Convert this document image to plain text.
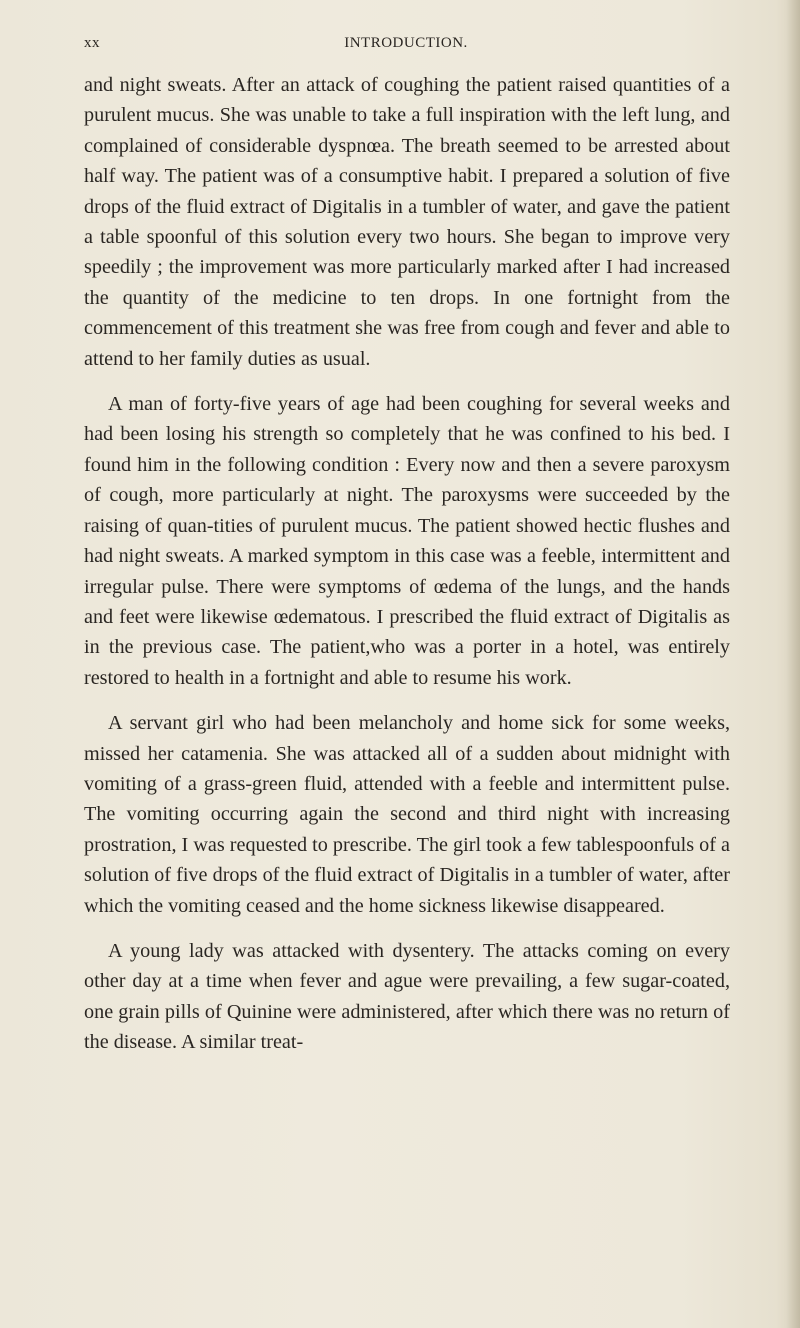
xx	INTRODUCTION.

and night sweats. After an attack of coughing the patient raised quantities of a purulent mucus. She was unable to take a full inspiration with the left lung, and complained of considerable dyspnœa. The breath seemed to be arrested about half way. The patient was of a consumptive habit. I prepared a solution of five drops of the fluid extract of Digitalis in a tumbler of water, and gave the patient a table spoonful of this solution every two hours. She began to improve very speedily ; the improvement was more particularly marked after I had increased the quantity of the medicine to ten drops. In one fortnight from the commencement of this treatment she was free from cough and fever and able to attend to her family duties as usual.

A man of forty-five years of age had been coughing for several weeks and had been losing his strength so completely that he was confined to his bed. I found him in the following condition : Every now and then a severe paroxysm of cough, more particularly at night. The paroxysms were succeeded by the raising of quan-tities of purulent mucus. The patient showed hectic flushes and had night sweats. A marked symptom in this case was a feeble, intermittent and irregular pulse. There were symptoms of œdema of the lungs, and the hands and feet were likewise œdematous. I prescribed the fluid extract of Digitalis as in the previous case. The patient,who was a porter in a hotel, was entirely restored to health in a fortnight and able to resume his work.

A servant girl who had been melancholy and home sick for some weeks, missed her catamenia. She was attacked all of a sudden about midnight with vomiting of a grass-green fluid, attended with a feeble and intermittent pulse. The vomiting occurring again the second and third night with increasing prostration, I was requested to prescribe. The girl took a few tablespoonfuls of a solution of five drops of the fluid extract of Digitalis in a tumbler of water, after which the vomiting ceased and the home sickness likewise disappeared.

A young lady was attacked with dysentery. The attacks coming on every other day at a time when fever and ague were prevailing, a few sugar-coated, one grain pills of Quinine were administered, after which there was no return of the disease. A similar treat-
